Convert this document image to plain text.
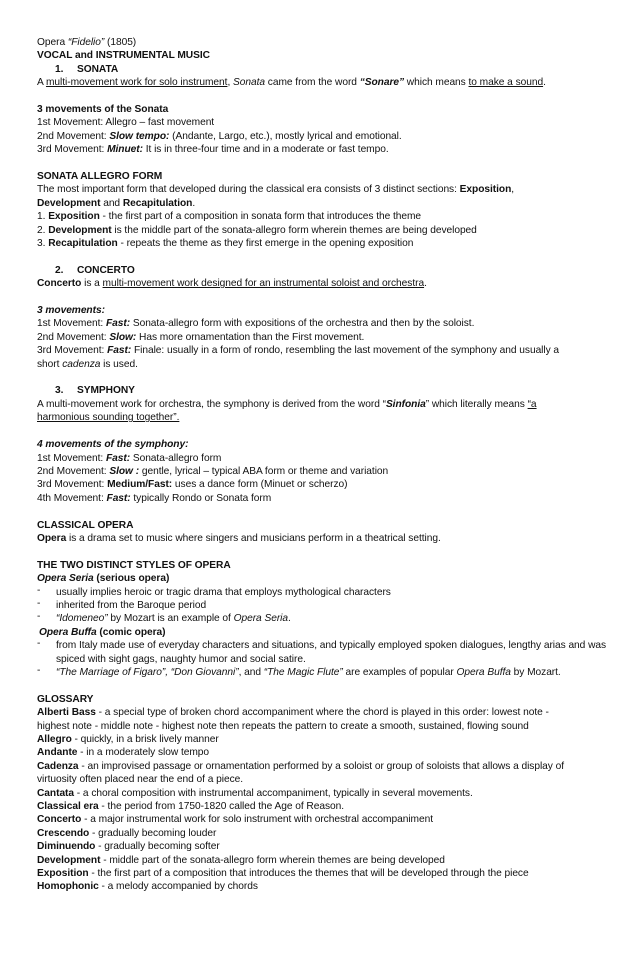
Opera “Fidelio” (1805)
VOCAL and INSTRUMENTAL MUSIC
1. SONATA
A multi-movement work for solo instrument, Sonata came from the word “Sonare” which means to make a sound.
3 movements of the Sonata
1st Movement: Allegro – fast movement
2nd Movement: Slow tempo: (Andante, Largo, etc.), mostly lyrical and emotional.
3rd Movement: Minuet: It is in three-four time and in a moderate or fast tempo.
SONATA ALLEGRO FORM
The most important form that developed during the classical era consists of 3 distinct sections: Exposition,
Development and Recapitulation.
1. Exposition - the first part of a composition in sonata form that introduces the theme
2. Development is the middle part of the sonata-allegro form wherein themes are being developed
3. Recapitulation - repeats the theme as they first emerge in the opening exposition
2. CONCERTO
Concerto is a multi-movement work designed for an instrumental soloist and orchestra.
3 movements:
1st Movement: Fast: Sonata-allegro form with expositions of the orchestra and then by the soloist.
2nd Movement: Slow: Has more ornamentation than the First movement.
3rd Movement: Fast: Finale: usually in a form of rondo, resembling the last movement of the symphony and usually a
short cadenza is used.
3. SYMPHONY
A multi-movement work for orchestra, the symphony is derived from the word “Sinfonia” which literally means “a
harmonious sounding together”.
4 movements of the symphony:
1st Movement: Fast: Sonata-allegro form
2nd Movement: Slow : gentle, lyrical – typical ABA form or theme and variation
3rd Movement: Medium/Fast: uses a dance form (Minuet or scherzo)
4th Movement: Fast: typically Rondo or Sonata form
CLASSICAL OPERA
Opera is a drama set to music where singers and musicians perform in a theatrical setting.
THE TWO DISTINCT STYLES OF OPERA
Opera Seria (serious opera)
- usually implies heroic or tragic drama that employs mythological characters
- inherited from the Baroque period
- “Idomeneo” by Mozart is an example of Opera Seria.
Opera Buffa (comic opera)
- from Italy made use of everyday characters and situations, and typically employed spoken dialogues, lengthy arias and was spiced with sight gags, naughty humor and social satire.
- “The Marriage of Figaro”, “Don Giovanni”, and “The Magic Flute” are examples of popular Opera Buffa by Mozart.
GLOSSARY
Alberti Bass - a special type of broken chord accompaniment where the chord is played in this order: lowest note -
highest note - middle note - highest note then repeats the pattern to create a smooth, sustained, flowing sound
Allegro - quickly, in a brisk lively manner
Andante - in a moderately slow tempo
Cadenza - an improvised passage or ornamentation performed by a soloist or group of soloists that allows a display of
virtuosity often placed near the end of a piece.
Cantata - a choral composition with instrumental accompaniment, typically in several movements.
Classical era - the period from 1750-1820 called the Age of Reason.
Concerto - a major instrumental work for solo instrument with orchestral accompaniment
Crescendo - gradually becoming louder
Diminuendo - gradually becoming softer
Development - middle part of the sonata-allegro form wherein themes are being developed
Exposition - the first part of a composition that introduces the themes that will be developed through the piece
Homophonic - a melody accompanied by chords
